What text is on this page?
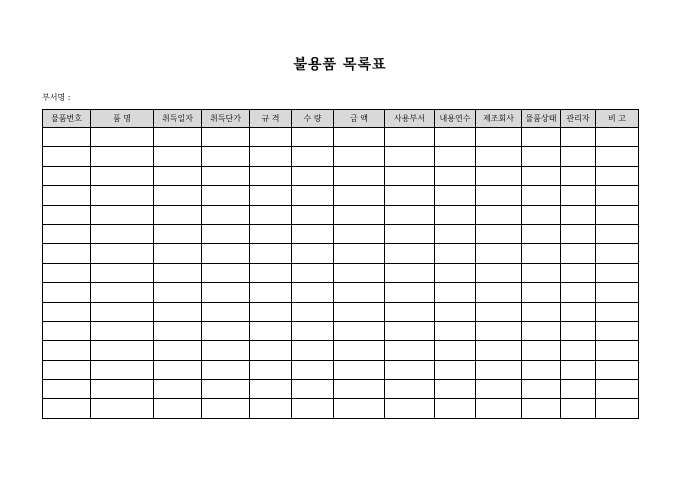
불용품 목록표
부서명 :
물품번호	품 명	취득일자	취득단가	규 격	수 량	금 액	사용부서	내용연수	제조회사	물품상태	관리자	비 고
